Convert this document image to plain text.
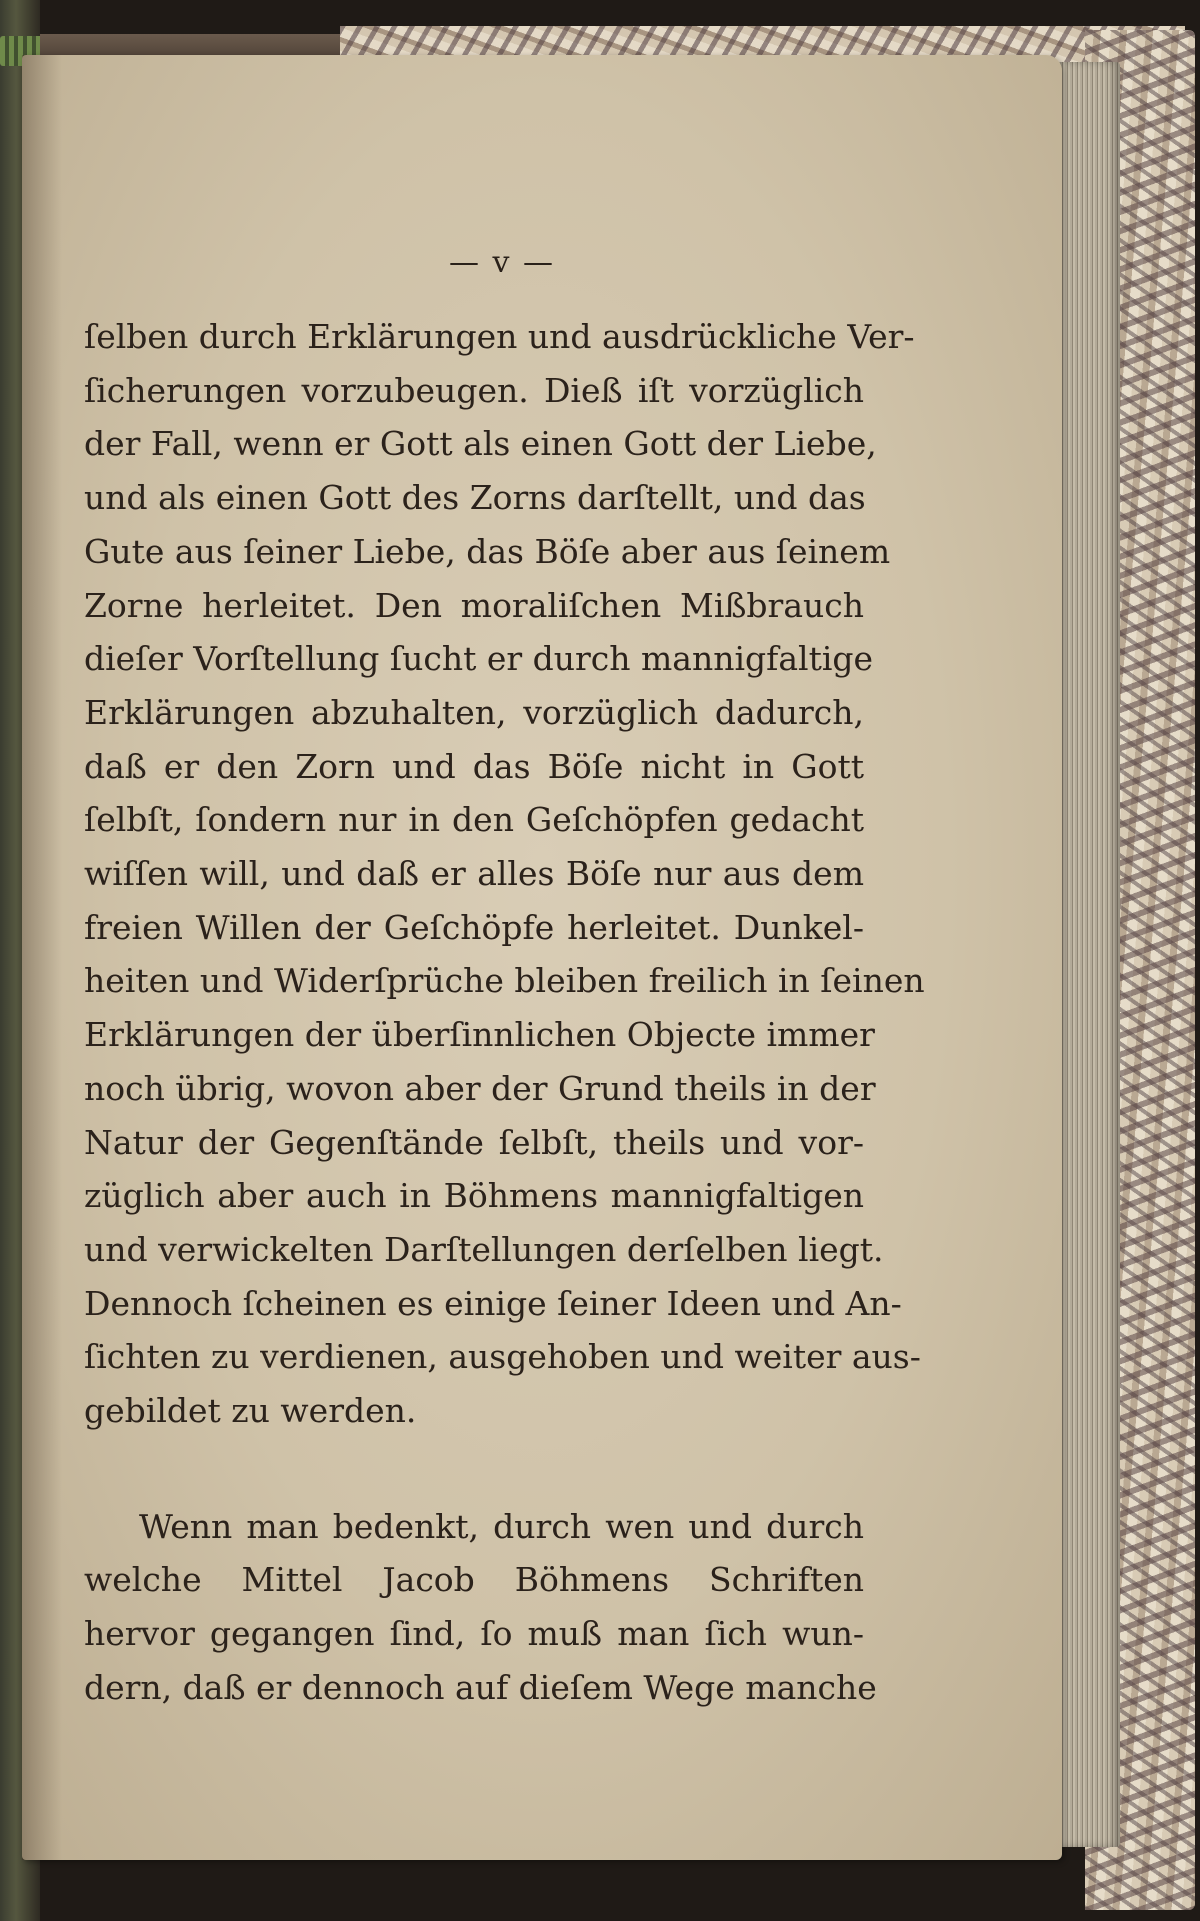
— v —
ſelben durch Erklärungen und ausdrückliche Ver-
ſicherungen vorzubeugen. Dieß iſt vorzüglich
der Fall, wenn er Gott als einen Gott der Liebe,
und als einen Gott des Zorns darſtellt, und das
Gute aus ſeiner Liebe, das Böſe aber aus ſeinem
Zorne herleitet. Den moraliſchen Mißbrauch
dieſer Vorſtellung ſucht er durch mannigfaltige
Erklärungen abzuhalten, vorzüglich dadurch,
daß er den Zorn und das Böſe nicht in Gott
ſelbſt, ſondern nur in den Geſchöpfen gedacht
wiſſen will, und daß er alles Böſe nur aus dem
freien Willen der Geſchöpfe herleitet. Dunkel-
heiten und Widerſprüche bleiben freilich in ſeinen
Erklärungen der überſinnlichen Objecte immer
noch übrig, wovon aber der Grund theils in der
Natur der Gegenſtände ſelbſt, theils und vor-
züglich aber auch in Böhmens mannigfaltigen
und verwickelten Darſtellungen derſelben liegt.
Dennoch ſcheinen es einige ſeiner Ideen und An-
ſichten zu verdienen, ausgehoben und weiter aus-
gebildet zu werden.
Wenn man bedenkt, durch wen und durch
welche Mittel Jacob Böhmens Schriften
hervor gegangen ſind, ſo muß man ſich wun-
dern, daß er dennoch auf dieſem Wege manche
